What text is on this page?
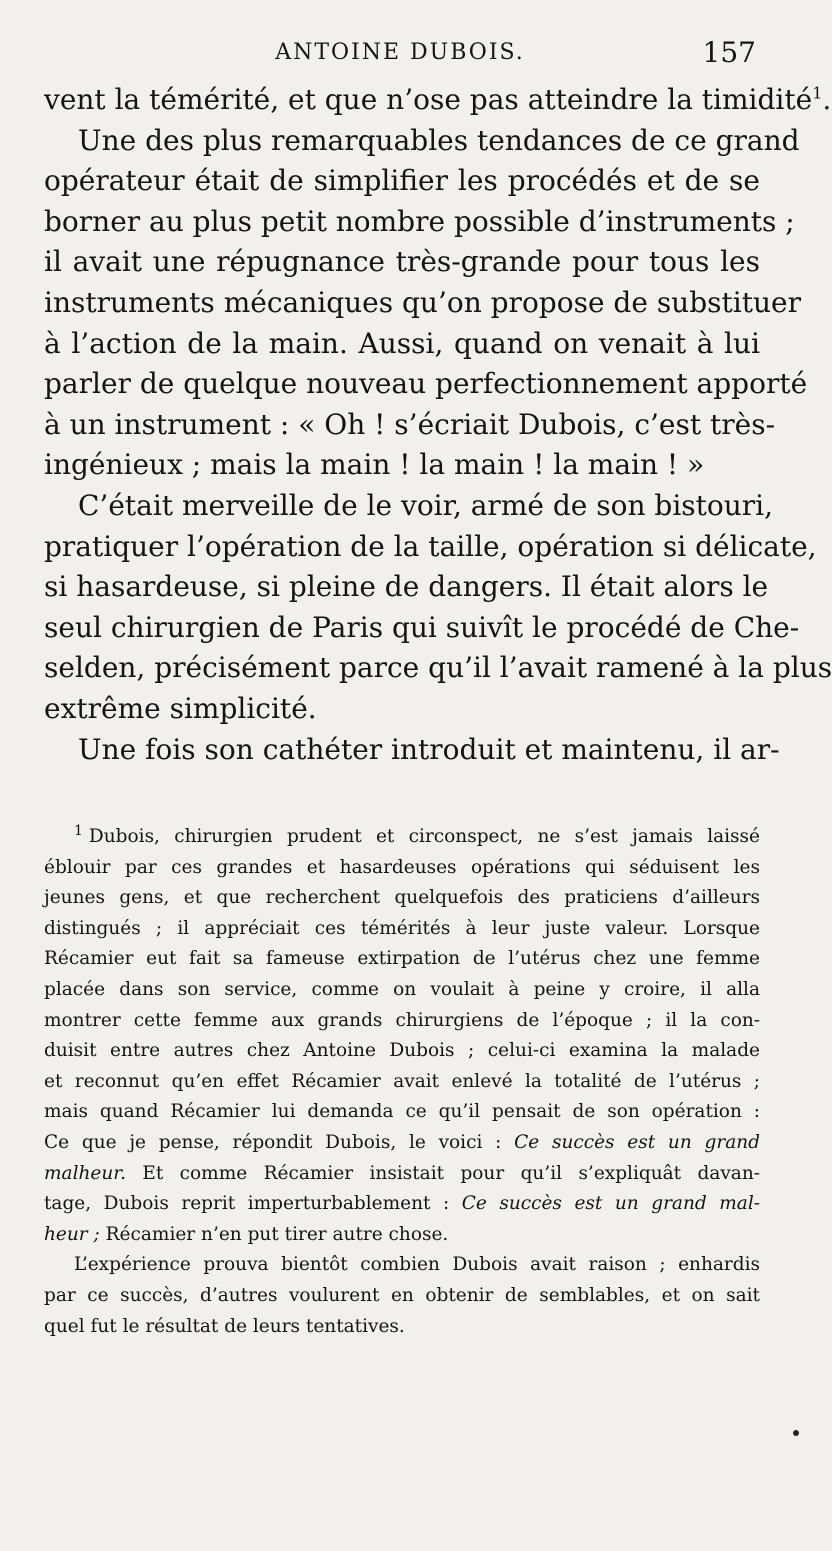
ANTOINE DUBOIS.	157
vent la témérité, et que n’ose pas atteindre la timidité$^1$.
Une des plus remarquables tendances de ce grand
opérateur était de simplifier les procédés et de se
borner au plus petit nombre possible d’instruments ;
il avait une répugnance très-grande pour tous les
instruments mécaniques qu’on propose de substituer
à l’action de la main. Aussi, quand on venait à lui
parler de quelque nouveau perfectionnement apporté
à un instrument : « Oh ! s’écriait Dubois, c’est très-
ingénieux ; mais la main ! la main ! la main ! »
C’était merveille de le voir, armé de son bistouri,
pratiquer l’opération de la taille, opération si délicate,
si hasardeuse, si pleine de dangers. Il était alors le
seul chirurgien de Paris qui suivît le procédé de Che-
selden, précisément parce qu’il l’avait ramené à la plus
extrême simplicité.
Une fois son cathéter introduit et maintenu, il ar-
$^1$ Dubois, chirurgien prudent et circonspect, ne s’est jamais laissé
éblouir par ces grandes et hasardeuses opérations qui séduisent les
jeunes gens, et que recherchent quelquefois des praticiens d’ailleurs
distingués ; il appréciait ces témérités à leur juste valeur. Lorsque
Récamier eut fait sa fameuse extirpation de l’utérus chez une femme
placée dans son service, comme on voulait à peine y croire, il alla
montrer cette femme aux grands chirurgiens de l’époque ; il la con-
duisit entre autres chez Antoine Dubois ; celui-ci examina la malade
et reconnut qu’en effet Récamier avait enlevé la totalité de l’utérus ;
mais quand Récamier lui demanda ce qu’il pensait de son opération :
Ce que je pense, répondit Dubois, le voici : Ce succès est un grand
malheur. Et comme Récamier insistait pour qu’il s’expliquât davan-
tage, Dubois reprit imperturbablement : Ce succès est un grand mal-
heur ; Récamier n’en put tirer autre chose.
L’expérience prouva bientôt combien Dubois avait raison ; enhardis
par ce succès, d’autres voulurent en obtenir de semblables, et on sait
quel fut le résultat de leurs tentatives.
